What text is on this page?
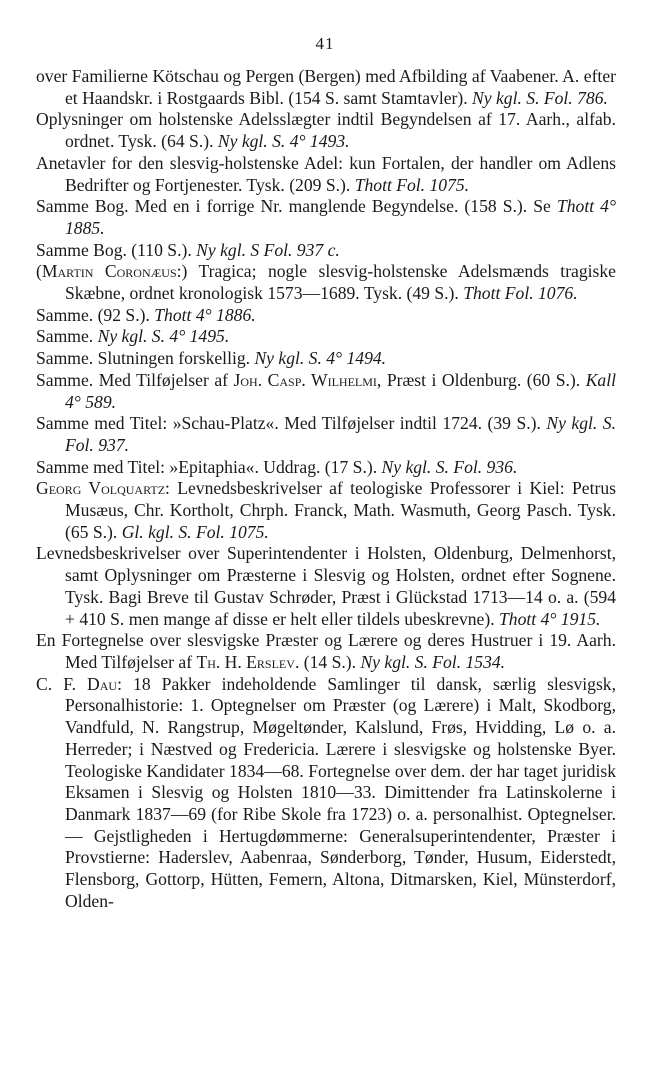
41

over Familierne Kötschau og Pergen (Bergen) med Afbilding af Vaabener. A. efter et Haandskr. i Rostgaards Bibl. (154 S. samt Stamtavler). Ny kgl. S. Fol. 786.

Oplysninger om holstenske Adelsslægter indtil Begyndelsen af 17. Aarh., alfab. ordnet. Tysk. (64 S.). Ny kgl. S. 4° 1493.

Anetavler for den slesvig-holstenske Adel: kun Fortalen, der handler om Adlens Bedrifter og Fortjenester. Tysk. (209 S.). Thott Fol. 1075.

Samme Bog. Med en i forrige Nr. manglende Begyndelse. (158 S.). Se Thott 4° 1885.

Samme Bog. (110 S.). Ny kgl. S Fol. 937 c.

(Martin Coronæus:) Tragica; nogle slesvig-holstenske Adelsmænds tragiske Skæbne, ordnet kronologisk 1573—1689. Tysk. (49 S.). Thott Fol. 1076.

Samme. (92 S.). Thott 4° 1886.

Samme. Ny kgl. S. 4° 1495.

Samme. Slutningen forskellig. Ny kgl. S. 4° 1494.

Samme. Med Tilføjelser af Joh. Casp. Wilhelmi, Præst i Oldenburg. (60 S.). Kall 4° 589.

Samme med Titel: »Schau-Platz«. Med Tilføjelser indtil 1724. (39 S.). Ny kgl. S. Fol. 937.

Samme med Titel: »Epitaphia«. Uddrag. (17 S.). Ny kgl. S. Fol. 936.

Georg Volquartz: Levnedsbeskrivelser af teologiske Professorer i Kiel: Petrus Musæus, Chr. Kortholt, Chrph. Franck, Math. Wasmuth, Georg Pasch. Tysk. (65 S.). Gl. kgl. S. Fol. 1075.

Levnedsbeskrivelser over Superintendenter i Holsten, Oldenburg, Delmenhorst, samt Oplysninger om Præsterne i Slesvig og Holsten, ordnet efter Sognene. Tysk. Bagi Breve til Gustav Schrøder, Præst i Glückstad 1713—14 o. a. (594 + 410 S. men mange af disse er helt eller tildels ubeskrevne). Thott 4° 1915.

En Fortegnelse over slesvigske Præster og Lærere og deres Hustruer i 19. Aarh. Med Tilføjelser af Th. H. Erslev. (14 S.). Ny kgl. S. Fol. 1534.

C. F. Dau: 18 Pakker indeholdende Samlinger til dansk, særlig slesvigsk, Personalhistorie: 1. Optegnelser om Præster (og Lærere) i Malt, Skodborg, Vandfuld, N. Rangstrup, Møgeltønder, Kalslund, Frøs, Hvidding, Lø o. a. Herreder; i Næstved og Fredericia. Lærere i slesvigske og holstenske Byer. Teologiske Kandidater 1834—68. Fortegnelse over dem. der har taget juridisk Eksamen i Slesvig og Holsten 1810—33. Dimittender fra Latinskolerne i Danmark 1837—69 (for Ribe Skole fra 1723) o. a. personalhist. Optegnelser. — Gejstligheden i Hertugdømmerne: Generalsuperintendenter, Præster i Provstierne: Haderslev, Aabenraa, Sønderborg, Tønder, Husum, Eiderstedt, Flensborg, Gottorp, Hütten, Femern, Altona, Ditmarsken, Kiel, Münsterdorf, Olden-
